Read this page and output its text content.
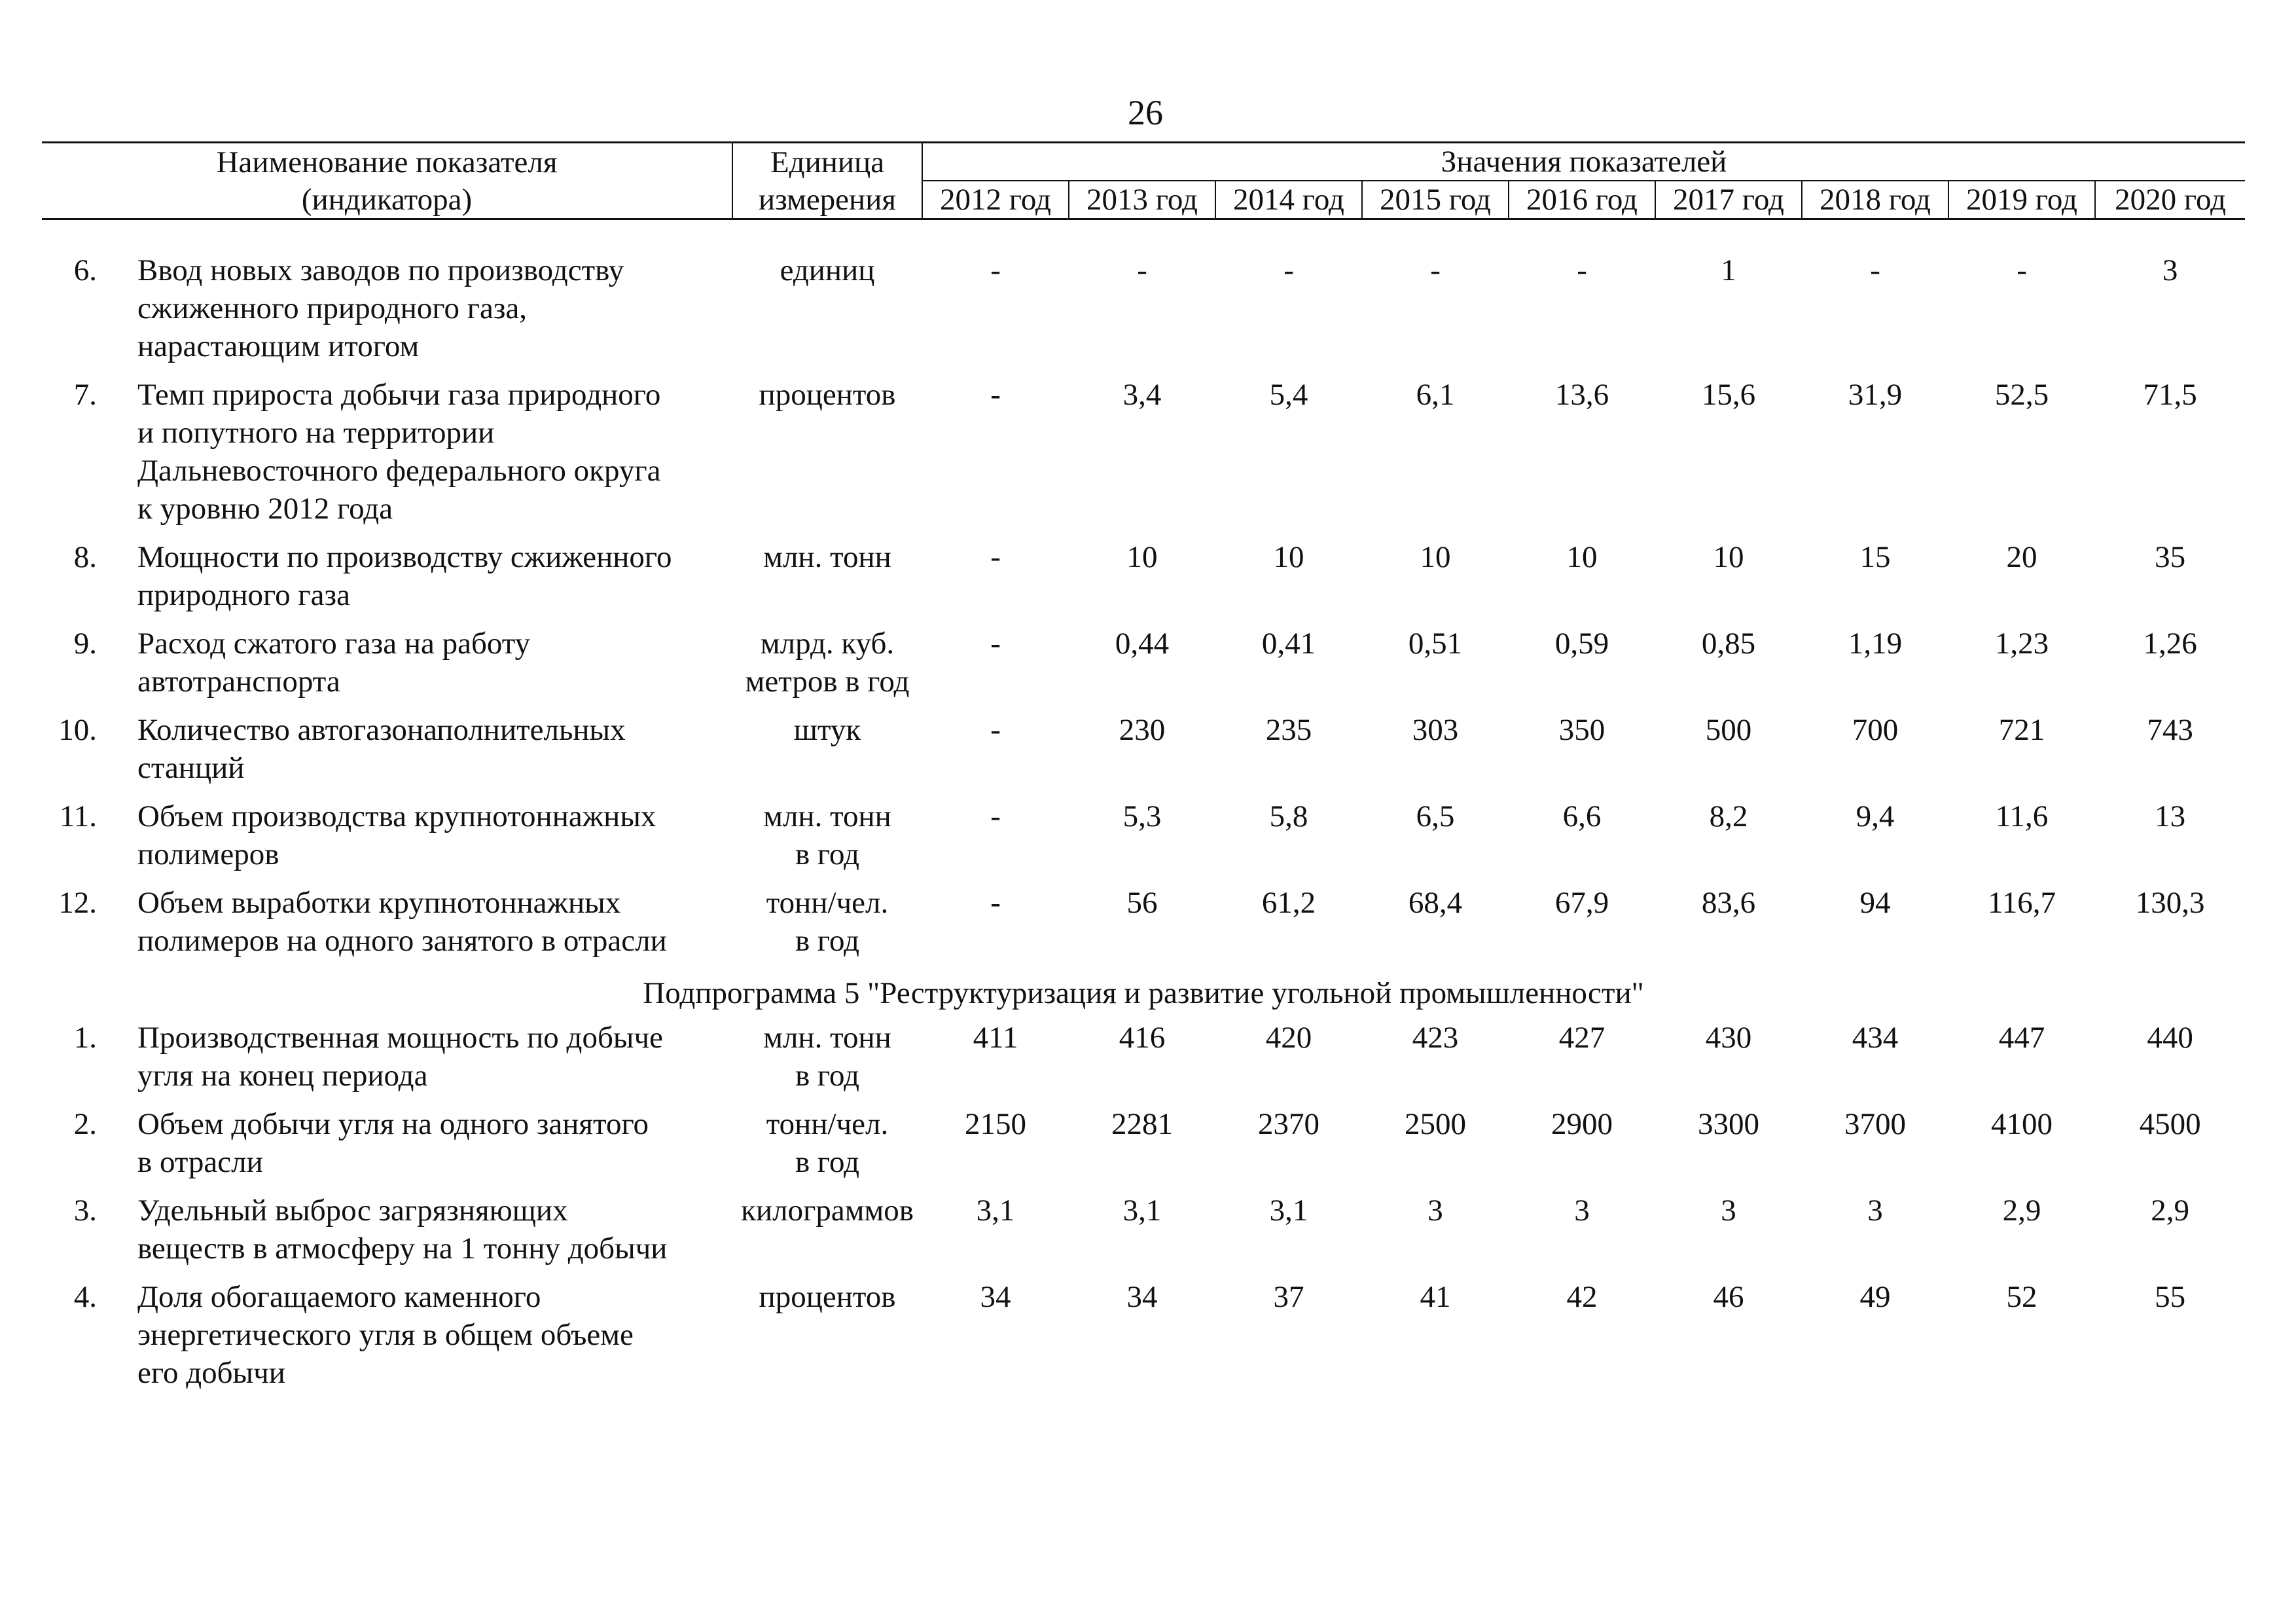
26
Наименование показателя		Единица	Значения показателей								
(индикатора)		измерения	2012 год	2013 год	2014 год	2015 год	2016 год	2017 год	2018 год	2019 год	2020 год

6.	Ввод новых заводов по производству
сжиженного природного газа,
нарастающим итогом	единиц	-	-	-	-	-	1	-	-	3
7.	Темп прироста добычи газа природного
и попутного на территории
Дальневосточного федерального округа
к уровню 2012 года	процентов	-	3,4	5,4	6,1	13,6	15,6	31,9	52,5	71,5
8.	Мощности по производству сжиженного
природного газа	млн. тонн	-	10	10	10	10	10	15	20	35
9.	Расход сжатого газа на работу
автотранспорта	млрд. куб.
метров в год	-	0,44	0,41	0,51	0,59	0,85	1,19	1,23	1,26
10.	Количество автогазонаполнительных
станций	штук	-	230	235	303	350	500	700	721	743
11.	Объем производства крупнотоннажных
полимеров	млн. тонн
в год	-	5,3	5,8	6,5	6,6	8,2	9,4	11,6	13
12.	Объем выработки крупнотоннажных
полимеров на одного занятого в отрасли	тонн/чел.
в год	-	56	61,2	68,4	67,9	83,6	94	116,7	130,3
Подпрограмма 5 "Реструктуризация и развитие угольной промышленности"											
1.	Производственная мощность по добыче
угля на конец периода	млн. тонн
в год	411	416	420	423	427	430	434	447	440
2.	Объем добычи угля на одного занятого
в отрасли	тонн/чел.
в год	2150	2281	2370	2500	2900	3300	3700	4100	4500
3.	Удельный выброс загрязняющих
веществ в атмосферу на 1 тонну добычи	килограммов	3,1	3,1	3,1	3	3	3	3	2,9	2,9
4.	Доля обогащаемого каменного
энергетического угля в общем объеме
его добычи	процентов	34	34	37	41	42	46	49	52	55
